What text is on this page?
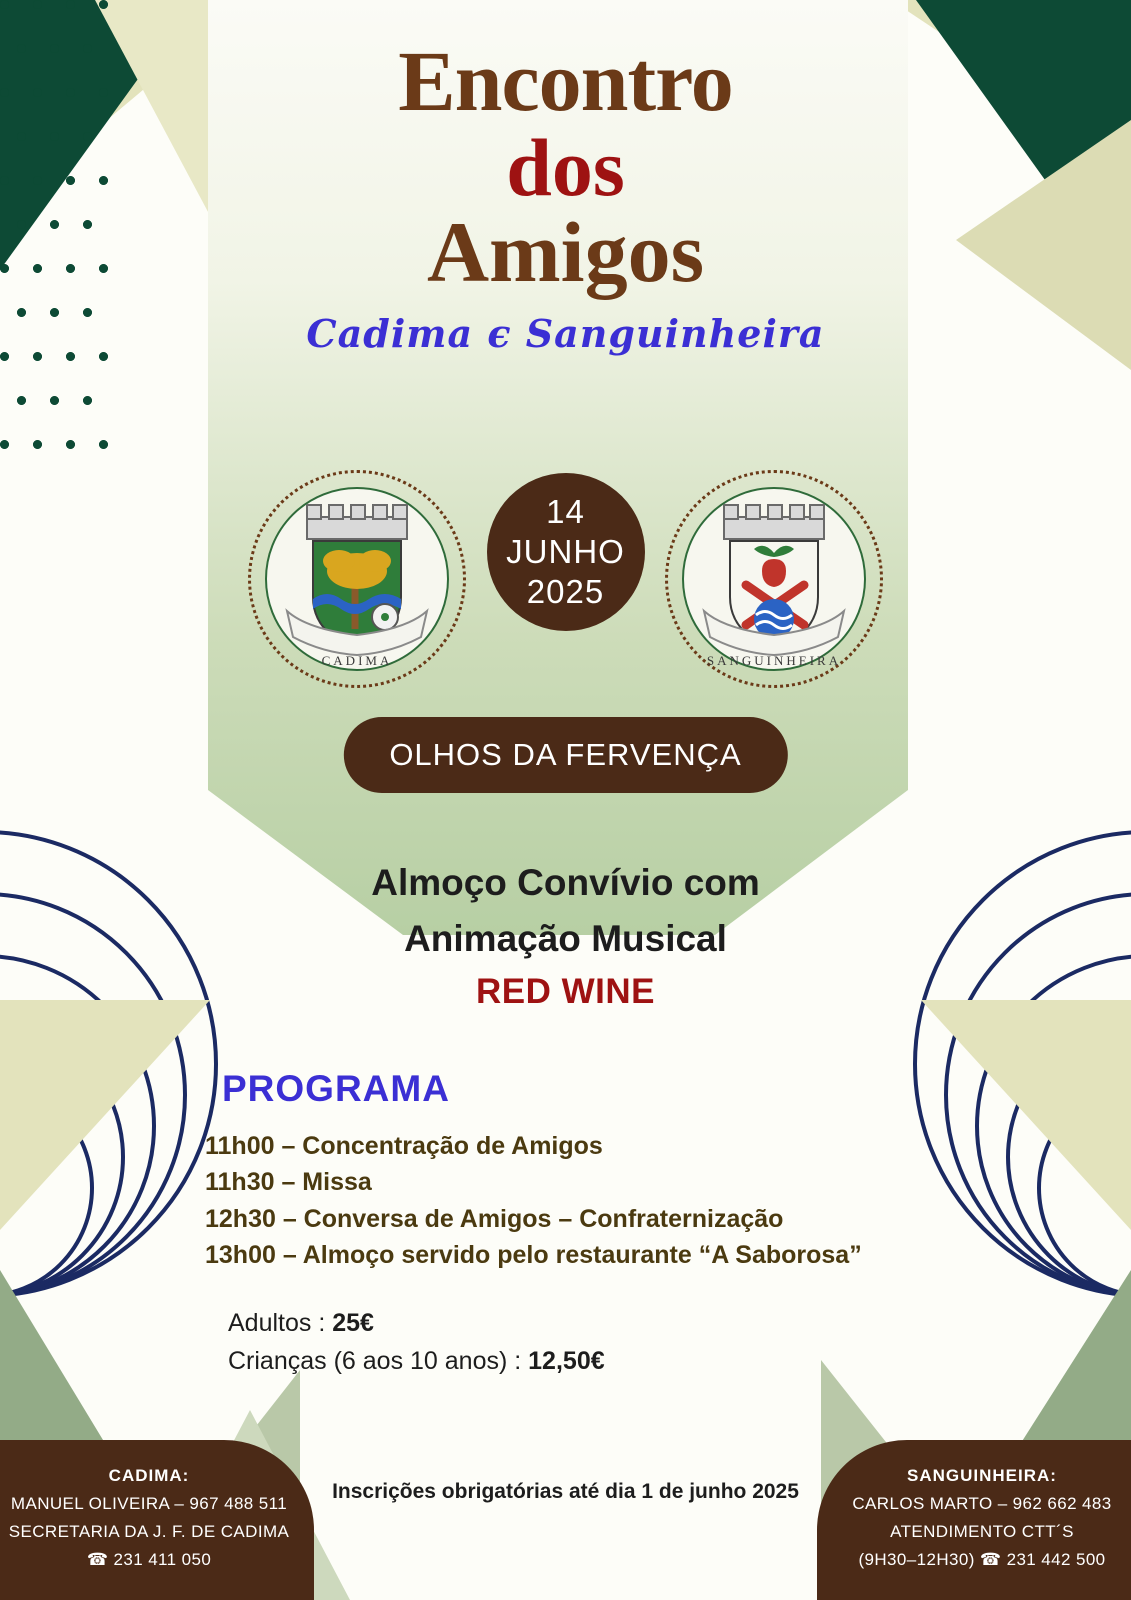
Encontro
dos
Amigos
Cadima є Sanguinheira
CADIMA	SANGUINHEIRA
14
JUNHO
2025
OLHOS DA FERVENÇA
Almoço Convívio com
Animação Musical
RED WINE
PROGRAMA
11h00 – Concentração de Amigos
11h30 – Missa
12h30 – Conversa de Amigos – Confraternização
13h00 – Almoço servido pelo restaurante “A Saborosa”
Adultos : 25€
Crianças (6 aos 10 anos) : 12,50€
Inscrições obrigatórias até dia 1 de junho 2025
CADIMA:
MANUEL OLIVEIRA – 967 488 511
SECRETARIA DA J. F. DE CADIMA
☎ 231 411 050
SANGUINHEIRA:
CARLOS MARTO – 962 662 483
ATENDIMENTO CTT´S
(9H30–12H30) ☎ 231 442 500
